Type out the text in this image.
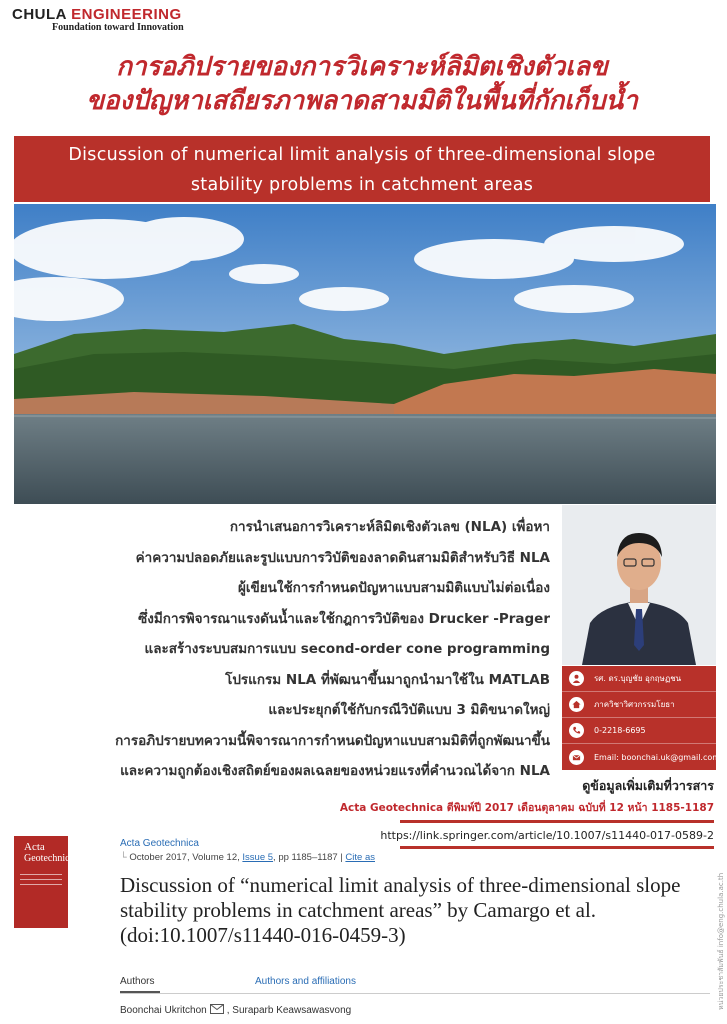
CHULA ENGINEERING
Foundation toward Innovation
การอภิปรายของการวิเคราะห์ลิมิตเชิงตัวเลข
ของปัญหาเสถียรภาพลาดสามมิติในพื้นที่กักเก็บน้ำ
Discussion of numerical limit analysis of three-dimensional slope
stability problems in catchment areas

การนำเสนอการวิเคราะห์ลิมิตเชิงตัวเลข (NLA) เพื่อหา

ค่าความปลอดภัยและรูปแบบการวิบัติของลาดดินสามมิติสำหรับวิธี NLA

ผู้เขียนใช้การกำหนดปัญหาแบบสามมิติแบบไม่ต่อเนื่อง

ซึ่งมีการพิจารณาแรงดันน้ำและใช้กฎการวิบัติของ Drucker -Prager

และสร้างระบบสมการแบบ second-order cone programming

โปรแกรม NLA ที่พัฒนาขึ้นมาถูกนำมาใช้ใน MATLAB

และประยุกต์ใช้กับกรณีวิบัติแบบ 3 มิติขนาดใหญ่

การอภิปรายบทความนี้พิจารณาการกำหนดปัญหาแบบสามมิติที่ถูกพัฒนาขึ้น

และความถูกต้องเชิงสถิตย์ของผลเฉลยของหน่วยแรงที่คำนวณได้จาก NLA

รศ. ดร.บุญชัย อุกฤษฏชน
ภาควิชาวิศวกรรมโยธา
0-2218-6695
Email: boonchai.uk@gmail.com
ดูข้อมูลเพิ่มเติมที่วารสาร
Acta Geotechnica ตีพิมพ์ปี 2017 เดือนตุลาคม ฉบับที่ 12 หน้า 1185-1187
https://link.springer.com/article/10.1007/s11440-017-0589-2
Acta
Geotechnica
Acta Geotechnica
└ October 2017, Volume 12, Issue 5, pp 1185–1187 | Cite as
Discussion of “numerical limit analysis of three-dimensional slope stability problems in catchment areas” by Camargo et al. (doi:10.1007/s11440-016-0459-3)
Authors	Authors and affiliations
Boonchai Ukritchon , Suraparb Keawsawasvong
หน่วยประชาสัมพันธ์ info@eng.chula.ac.th
